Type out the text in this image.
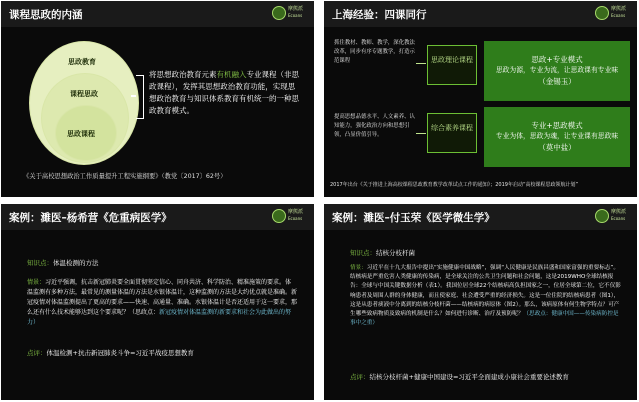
课程思政的内涵	摩熊派
Ecoans
思政教育
课程思政
思政课程
将思想政治教育元素有机融入专业课程（非思政课程），发挥其思想政治教育功能，实现思想政治教育与知识体系教育有机统一的一种思政教育模式。
《关于高校思想政治工作质量提升工程实施纲要》（教党〔2017〕62号）
上海经验：四课同行	摩熊派
Ecoans
抓住教材、教师、教学，深化教法改革，同步有序专题教学，打造示范课程
提高思想品德水平、人文素养、认知能力，强化政治方向和思想引领，凸显价值引导。
思政理论课程
综合素养课程
思政+专业模式
思政为源，专业为流，让思政课有专业味
（金锡玉）
专业+思政模式
专业为体，思政为魂，让专业课有思政味
（莫中盐）
2017年出台《关于推进上海高校课程思政教育教学改革试点工作的通知》；2019年启动“高校课程思政领航计划”
案例：濉医–杨希营《危重病医学》	摩熊派
Ecoans
知识点：体温检测的方法
情景：习近平强调，抗击新冠肺炎要全面贯彻坚定信心、同舟共济、科学防治、精准施策的要求。体温监测有多种方法，最常见的测量体温的方法是水银体温计，这种监测的方法是大约优点就是准确。新冠疫情对体温监测提出了更高的要求——快速、高通量、准确。水银体温计是否还适用于这一要求，那么还有什么技术能够达到这个要求呢？（思政点：新冠疫情对体温监测的新要求和社会为此做出的努力）
点评：体温检测+抗击新冠肺炎斗争=习近平战疫思想教育
案例：濉医–付玉荣《医学微生学》	摩熊派
Ecoans
知识点：结核分枝杆菌
情景：习近平在十九大报告中提出“实施健康中国战略”，强调“人民健康是民族昌盛和国家富强的重要标志”。结核病是严重危害人类健康的传染病，是全球关注的公共卫生问题和社会问题，这是2019WHO全球结核报告：全球与中国关键数据分析（表1）。我国位居全球22个结核病高负担国家之一，位居全球第二位，它不仅影响患者及周围人群的身体健康，而且使家庭、社会遭受严重的经济损失。这是一位住院的结核病患者（图1），这是从患者痰液中分离到的结核分枝杆菌——结核病的病原体（图2）。那么，该病原体有何生物学特点？可产生哪些致病物质及致病的机制是什么？如何进行诊断、治疗及预防呢？（思政点：健康中国——传染病防控是事中之重）
点评：结核分枝杆菌+健康中国建设=习近平全面建成小康社会重要论述教育
